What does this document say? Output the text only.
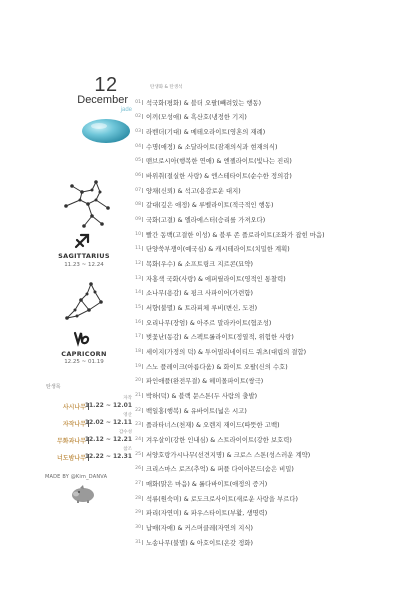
탄생화 & 탄생석
12
December
jade
SAGITTARIUS
11.23 ~ 12.24
CAPRICORN
12.25 ~ 01.19
탄생목
자작
사시나무
11.22 ~ 12.01
영산
자작나무
12.02 ~ 12.11
감수성
무화과나무
12.12 ~ 12.21
참조
너도밤나무
12.22 ~ 12.31
MADE BY @Kim_DANVA
01 석국화(평화) & 블더 오팔(빼려있는 행동)
02 이끼(모성애) & 흑산호(냉정한 기지)
03 라벤더(기대) & 메테오라이트(영혼의 재례)
04 수명(애정) & 소달라이트(잠재의식과 현재의식)
05 맨브로시아(행복한 연애) & 엔젤라이트(빛나는 진리)
06 바위취(절실한 사랑) & 엔스테타이트(순수한 정의감)
07 양채(신뢰) & 석고(용감로운 대지)
08 갈대(깊은 애정) & 루벨라이트(적극적인 행동)
09 국화(고결) & 엘라에스터(승리를 가져오다)
10 빨간 동백(고결한 이성) & 블루 존 플로라이트(조화가 잡힌 마음)
11 단양쑥부쟁이(예국심) & 캐시테라이트(치밀한 계획)
12 목화(우수) & 소프트링크 지르콘(묘약)
13 자홍색 국화(사랑) & 에퍼릴라이트(영적인 통찰력)
14 소나무(용감) & 핑크 사파이어(가련함)
15 서향(불멸) & 트라피체 루비(변신, 도전)
16 오리나무(장엄) & 아주르 말라카이트(협조성)
17 벚꽃난(동감) & 스펙트롤라이트(정열적, 위험한 사랑)
18 세이지(가정의 덕) & 투어멀리네이티드 쿼츠(대립의 결합)
19 스노 플레이크(아름다움) & 화이트 오팔(신의 수호)
20 파인애플(완전무결) & 헤미몰파이트(쌍극)
21 박하(덕) & 블랙 문스톤(두 사람의 출발)
22 백일홍(행복) & 유바이트(넓은 시고)
23 플라타너스(천재) & 오렌지 재이드(따뜻한 고백)
24 겨우살이(강한 인내심) & 스트라이이트(강한 보호력)
25 서양호랑가시나무(선견지명) & 크로스 스톤(성스러운 계약)
26 크리스마스 로즈(추억) & 퍼플 다이아몬드(숨은 비밀)
27 매화(맑은 마음) & 롤다바이트(애정의 증거)
28 석류(원숙미) & 로도크로사이트(새로운 사랑을 부르다)
29 파리(자연미) & 파우스타이트(부활, 생명력)
30 납매(자애) & 커스머클레(자연의 지식)
31 노송나무(불멸) & 아호이트(온갖 정화)
